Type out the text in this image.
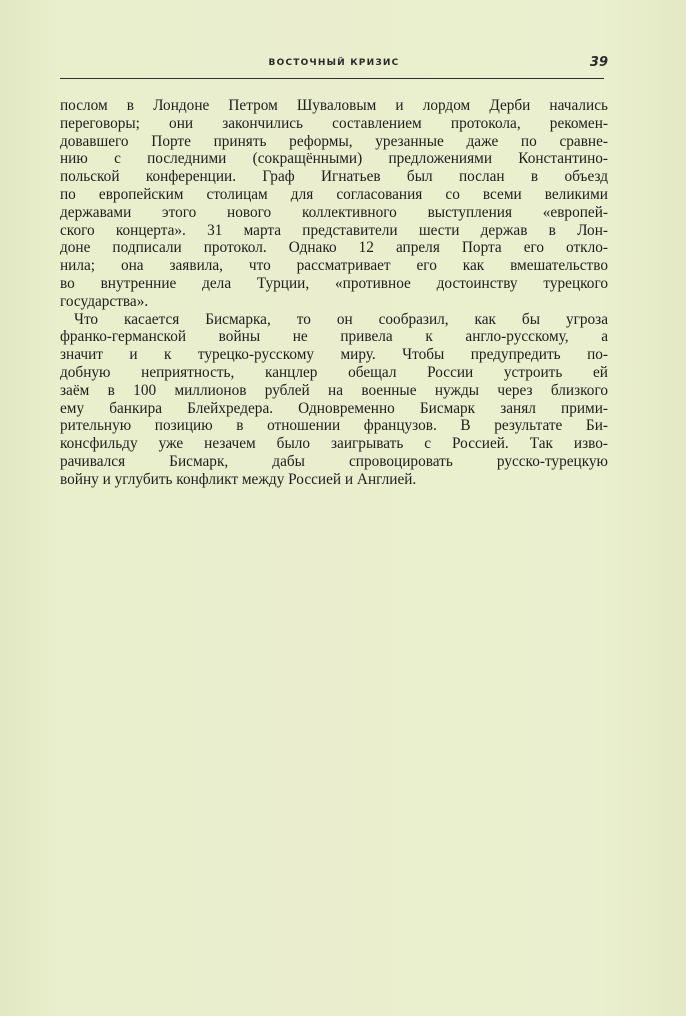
ВОСТОЧНЫЙ КРИЗИС	39
послом в Лондоне Петром Шуваловым и лордом Дерби начались
переговоры; они закончились составлением протокола, рекомен-
довавшего Порте принять реформы, урезанные даже по сравне-
нию с последними (сокращёнными) предложениями Константино-
польской конференции. Граф Игнатьев был послан в объезд
по европейским столицам для согласования со всеми великими
державами этого нового коллективного выступления «европей-
ского концерта». 31 марта представители шести держав в Лон-
доне подписали протокол. Однако 12 апреля Порта его откло-
нила; она заявила, что рассматривает его как вмешательство
во внутренние дела Турции, «противное достоинству турецкого
государства».
Что касается Бисмарка, то он сообразил, как бы угроза
франко-германской войны не привела к англо-русскому, а
значит и к турецко-русскому миру. Чтобы предупредить по-
добную неприятность, канцлер обещал России устроить ей
заём в 100 миллионов рублей на военные нужды через близкого
ему банкира Блейхредера. Одновременно Бисмарк занял прими-
рительную позицию в отношении французов. В результате Би-
консфильду уже незачем было заигрывать с Россией. Так изво-
рачивался Бисмарк, дабы спровоцировать русско-турецкую
войну и углубить конфликт между Россией и Англией.
